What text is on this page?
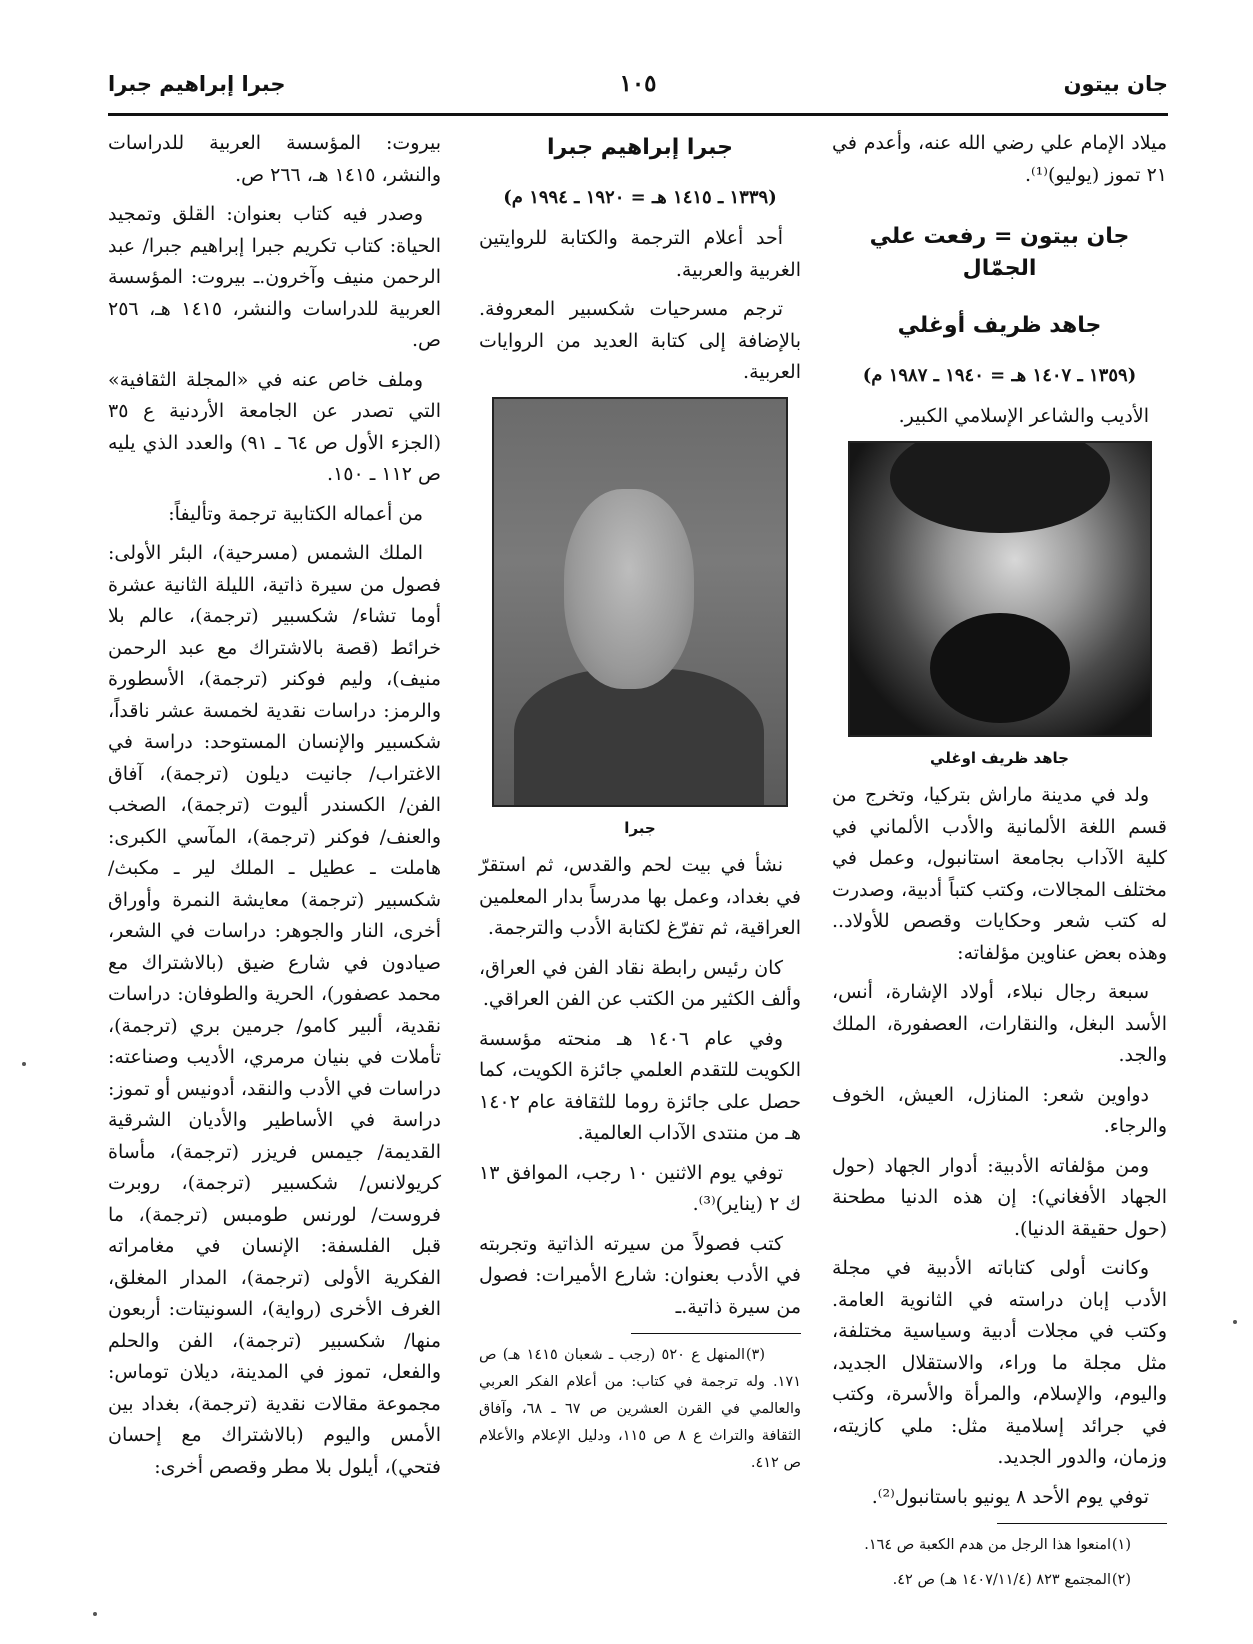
جان بيتون
١٠٥
جبرا إبراهيم جبرا

ميلاد الإمام علي رضي الله عنه، وأعدم في ٢١ تموز (يوليو)⁽¹⁾.

جان بيتون = رفعت علي الجمّال
جاهد ظريف أوغلي
(١٣٥٩ ـ ١٤٠٧ هـ = ١٩٤٠ ـ ١٩٨٧ م)

الأديب والشاعر الإسلامي الكبير.

جاهد ظريف اوغلي

ولد في مدينة ماراش بتركيا، وتخرج من قسم اللغة الألمانية والأدب الألماني في كلية الآداب بجامعة استانبول، وعمل في مختلف المجالات، وكتب كتباً أدبية، وصدرت له كتب شعر وحكايات وقصص للأولاد.. وهذه بعض عناوين مؤلفاته:

سبعة رجال نبلاء، أولاد الإشارة، أنس، الأسد البغل، والنقارات، العصفورة، الملك والجد.

دواوين شعر: المنازل، العيش، الخوف والرجاء.

ومن مؤلفاته الأدبية: أدوار الجهاد (حول الجهاد الأفغاني): إن هذه الدنيا مطحنة (حول حقيقة الدنيا).

وكانت أولى كتاباته الأدبية في مجلة الأدب إبان دراسته في الثانوية العامة. وكتب في مجلات أدبية وسياسية مختلفة، مثل مجلة ما وراء، والاستقلال الجديد، واليوم، والإسلام، والمرأة والأسرة، وكتب في جرائد إسلامية مثل: ملي كازيته، وزمان، والدور الجديد.

توفي يوم الأحد ٨ يونيو باستانبول⁽²⁾.

(١)امنعوا هذا الرجل من هدم الكعبة ص ١٦٤.

(٢)المجتمع ٨٢٣ (١٤٠٧/١١/٤ هـ) ص ٤٢.

جبرا إبراهيم جبرا
(١٣٣٩ ـ ١٤١٥ هـ = ١٩٢٠ ـ ١٩٩٤ م)

أحد أعلام الترجمة والكتابة للروايتين الغربية والعربية.

ترجم مسرحيات شكسبير المعروفة. بالإضافة إلى كتابة العديد من الروايات العربية.

جبرا

نشأ في بيت لحم والقدس، ثم استقرّ في بغداد، وعمل بها مدرساً بدار المعلمين العراقية، ثم تفرّغ لكتابة الأدب والترجمة.

كان رئيس رابطة نقاد الفن في العراق، وألف الكثير من الكتب عن الفن العراقي.

وفي عام ١٤٠٦ هـ منحته مؤسسة الكويت للتقدم العلمي جائزة الكويت، كما حصل على جائزة روما للثقافة عام ١٤٠٢ هـ من منتدى الآداب العالمية.

توفي يوم الاثنين ١٠ رجب، الموافق ١٣ ك ٢ (يناير)⁽³⁾.

كتب فصولاً من سيرته الذاتية وتجربته في الأدب بعنوان: شارع الأميرات: فصول من سيرة ذاتية.ـ

(٣)المنهل ع ٥٢٠ (رجب ـ شعبان ١٤١٥ هـ) ص ١٧١. وله ترجمة في كتاب: من أعلام الفكر العربي والعالمي في القرن العشرين ص ٦٧ ـ ٦٨، وآفاق الثقافة والتراث ع ٨ ص ١١٥، ودليل الإعلام والأعلام ص ٤١٢.

بيروت: المؤسسة العربية للدراسات والنشر، ١٤١٥ هـ، ٢٦٦ ص.

وصدر فيه كتاب بعنوان: القلق وتمجيد الحياة: كتاب تكريم جبرا إبراهيم جبرا/ عبد الرحمن منيف وآخرون.ـ بيروت: المؤسسة العربية للدراسات والنشر، ١٤١٥ هـ، ٢٥٦ ص.

وملف خاص عنه في «المجلة الثقافية» التي تصدر عن الجامعة الأردنية ع ٣٥ (الجزء الأول ص ٦٤ ـ ٩١) والعدد الذي يليه ص ١١٢ ـ ١٥٠.

من أعماله الكتابية ترجمة وتأليفاً:

الملك الشمس (مسرحية)، البئر الأولى: فصول من سيرة ذاتية، الليلة الثانية عشرة أوما تشاء/ شكسبير (ترجمة)، عالم بلا خرائط (قصة بالاشتراك مع عبد الرحمن منيف)، وليم فوكنر (ترجمة)، الأسطورة والرمز: دراسات نقدية لخمسة عشر ناقداً، شكسبير والإنسان المستوحد: دراسة في الاغتراب/ جانيت ديلون (ترجمة)، آفاق الفن/ الكسندر أليوت (ترجمة)، الصخب والعنف/ فوكنر (ترجمة)، المآسي الكبرى: هاملت ـ عطيل ـ الملك لير ـ مكبث/ شكسبير (ترجمة) معايشة النمرة وأوراق أخرى، النار والجوهر: دراسات في الشعر، صيادون في شارع ضيق (بالاشتراك مع محمد عصفور)، الحرية والطوفان: دراسات نقدية، ألبير كامو/ جرمين بري (ترجمة)، تأملات في بنيان مرمري، الأديب وصناعته: دراسات في الأدب والنقد، أدونيس أو تموز: دراسة في الأساطير والأديان الشرقية القديمة/ جيمس فريزر (ترجمة)، مأساة كريولانس/ شكسبير (ترجمة)، روبرت فروست/ لورنس طومبس (ترجمة)، ما قبل الفلسفة: الإنسان في مغامراته الفكرية الأولى (ترجمة)، المدار المغلق، الغرف الأخرى (رواية)، السونيتات: أربعون منها/ شكسبير (ترجمة)، الفن والحلم والفعل، تموز في المدينة، ديلان توماس: مجموعة مقالات نقدية (ترجمة)، بغداد بين الأمس واليوم (بالاشتراك مع إحسان فتحي)، أيلول بلا مطر وقصص أخرى:
